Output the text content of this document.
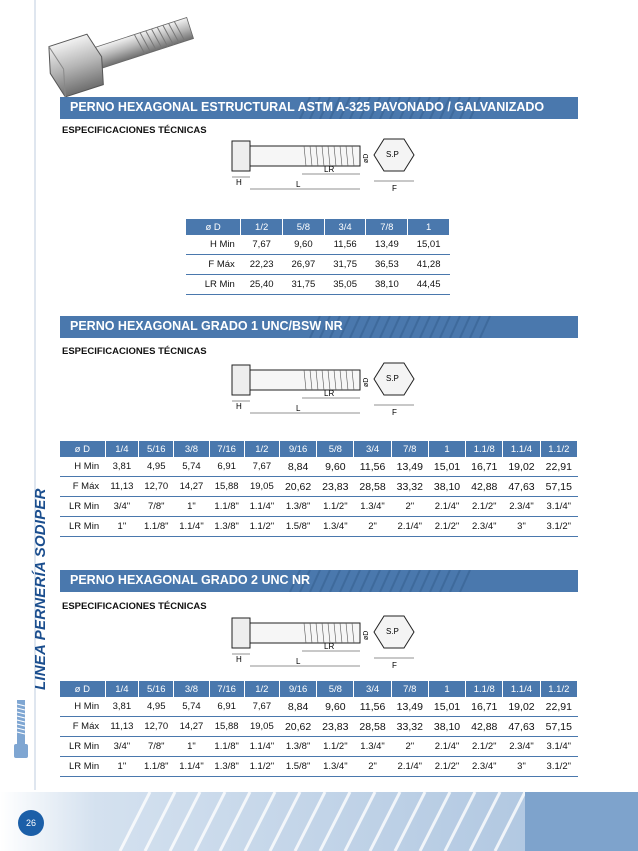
LINEA PERNERÍA SODIPER
26
PERNO HEXAGONAL ESTRUCTURAL ASTM A-325 PAVONADO / GALVANIZADO
ESPECIFICACIONES TÉCNICAS
LR
L
H
øD S.P
F
ø D	1/2	5/8	3/4	7/8	1
H Min	7,67	9,60	11,56	13,49	15,01
F Máx	22,23	26,97	31,75	36,53	41,28
LR Min	25,40	31,75	35,05	38,10	44,45
PERNO HEXAGONAL GRADO 1 UNC/BSW NR
ESPECIFICACIONES TÉCNICAS
LR
L
H
øD S.P
F
ø D	1/4	5/16	3/8	7/16	1/2	9/16	5/8	3/4	7/8	1	1.1/8	1.1/4	1.1/2
H Min	3,81	4,95	5,74	6,91	7,67	8,84	9,60	11,56	13,49	15,01	16,71	19,02	22,91
F Máx	11,13	12,70	14,27	15,88	19,05	20,62	23,83	28,58	33,32	38,10	42,88	47,63	57,15
LR Min	3/4"	7/8"	1"	1.1/8"	1.1/4"	1.3/8"	1.1/2"	1.3/4"	2"	2.1/4"	2.1/2"	2.3/4"	3.1/4"
LR Min	1"	1.1/8"	1.1/4"	1.3/8"	1.1/2"	1.5/8"	1.3/4"	2"	2.1/4"	2.1/2"	2.3/4"	3"	3.1/2"
PERNO HEXAGONAL GRADO 2 UNC NR
ESPECIFICACIONES TÉCNICAS
LR
L
H
øD S.P
F
ø D	1/4	5/16	3/8	7/16	1/2	9/16	5/8	3/4	7/8	1	1.1/8	1.1/4	1.1/2
H Min	3,81	4,95	5,74	6,91	7,67	8,84	9,60	11,56	13,49	15,01	16,71	19,02	22,91
F Máx	11,13	12,70	14,27	15,88	19,05	20,62	23,83	28,58	33,32	38,10	42,88	47,63	57,15
LR Min	3/4"	7/8"	1"	1.1/8"	1.1/4"	1.3/8"	1.1/2"	1.3/4"	2"	2.1/4"	2.1/2"	2.3/4"	3.1/4"
LR Min	1"	1.1/8"	1.1/4"	1.3/8"	1.1/2"	1.5/8"	1.3/4"	2"	2.1/4"	2.1/2"	2.3/4"	3"	3.1/2"
